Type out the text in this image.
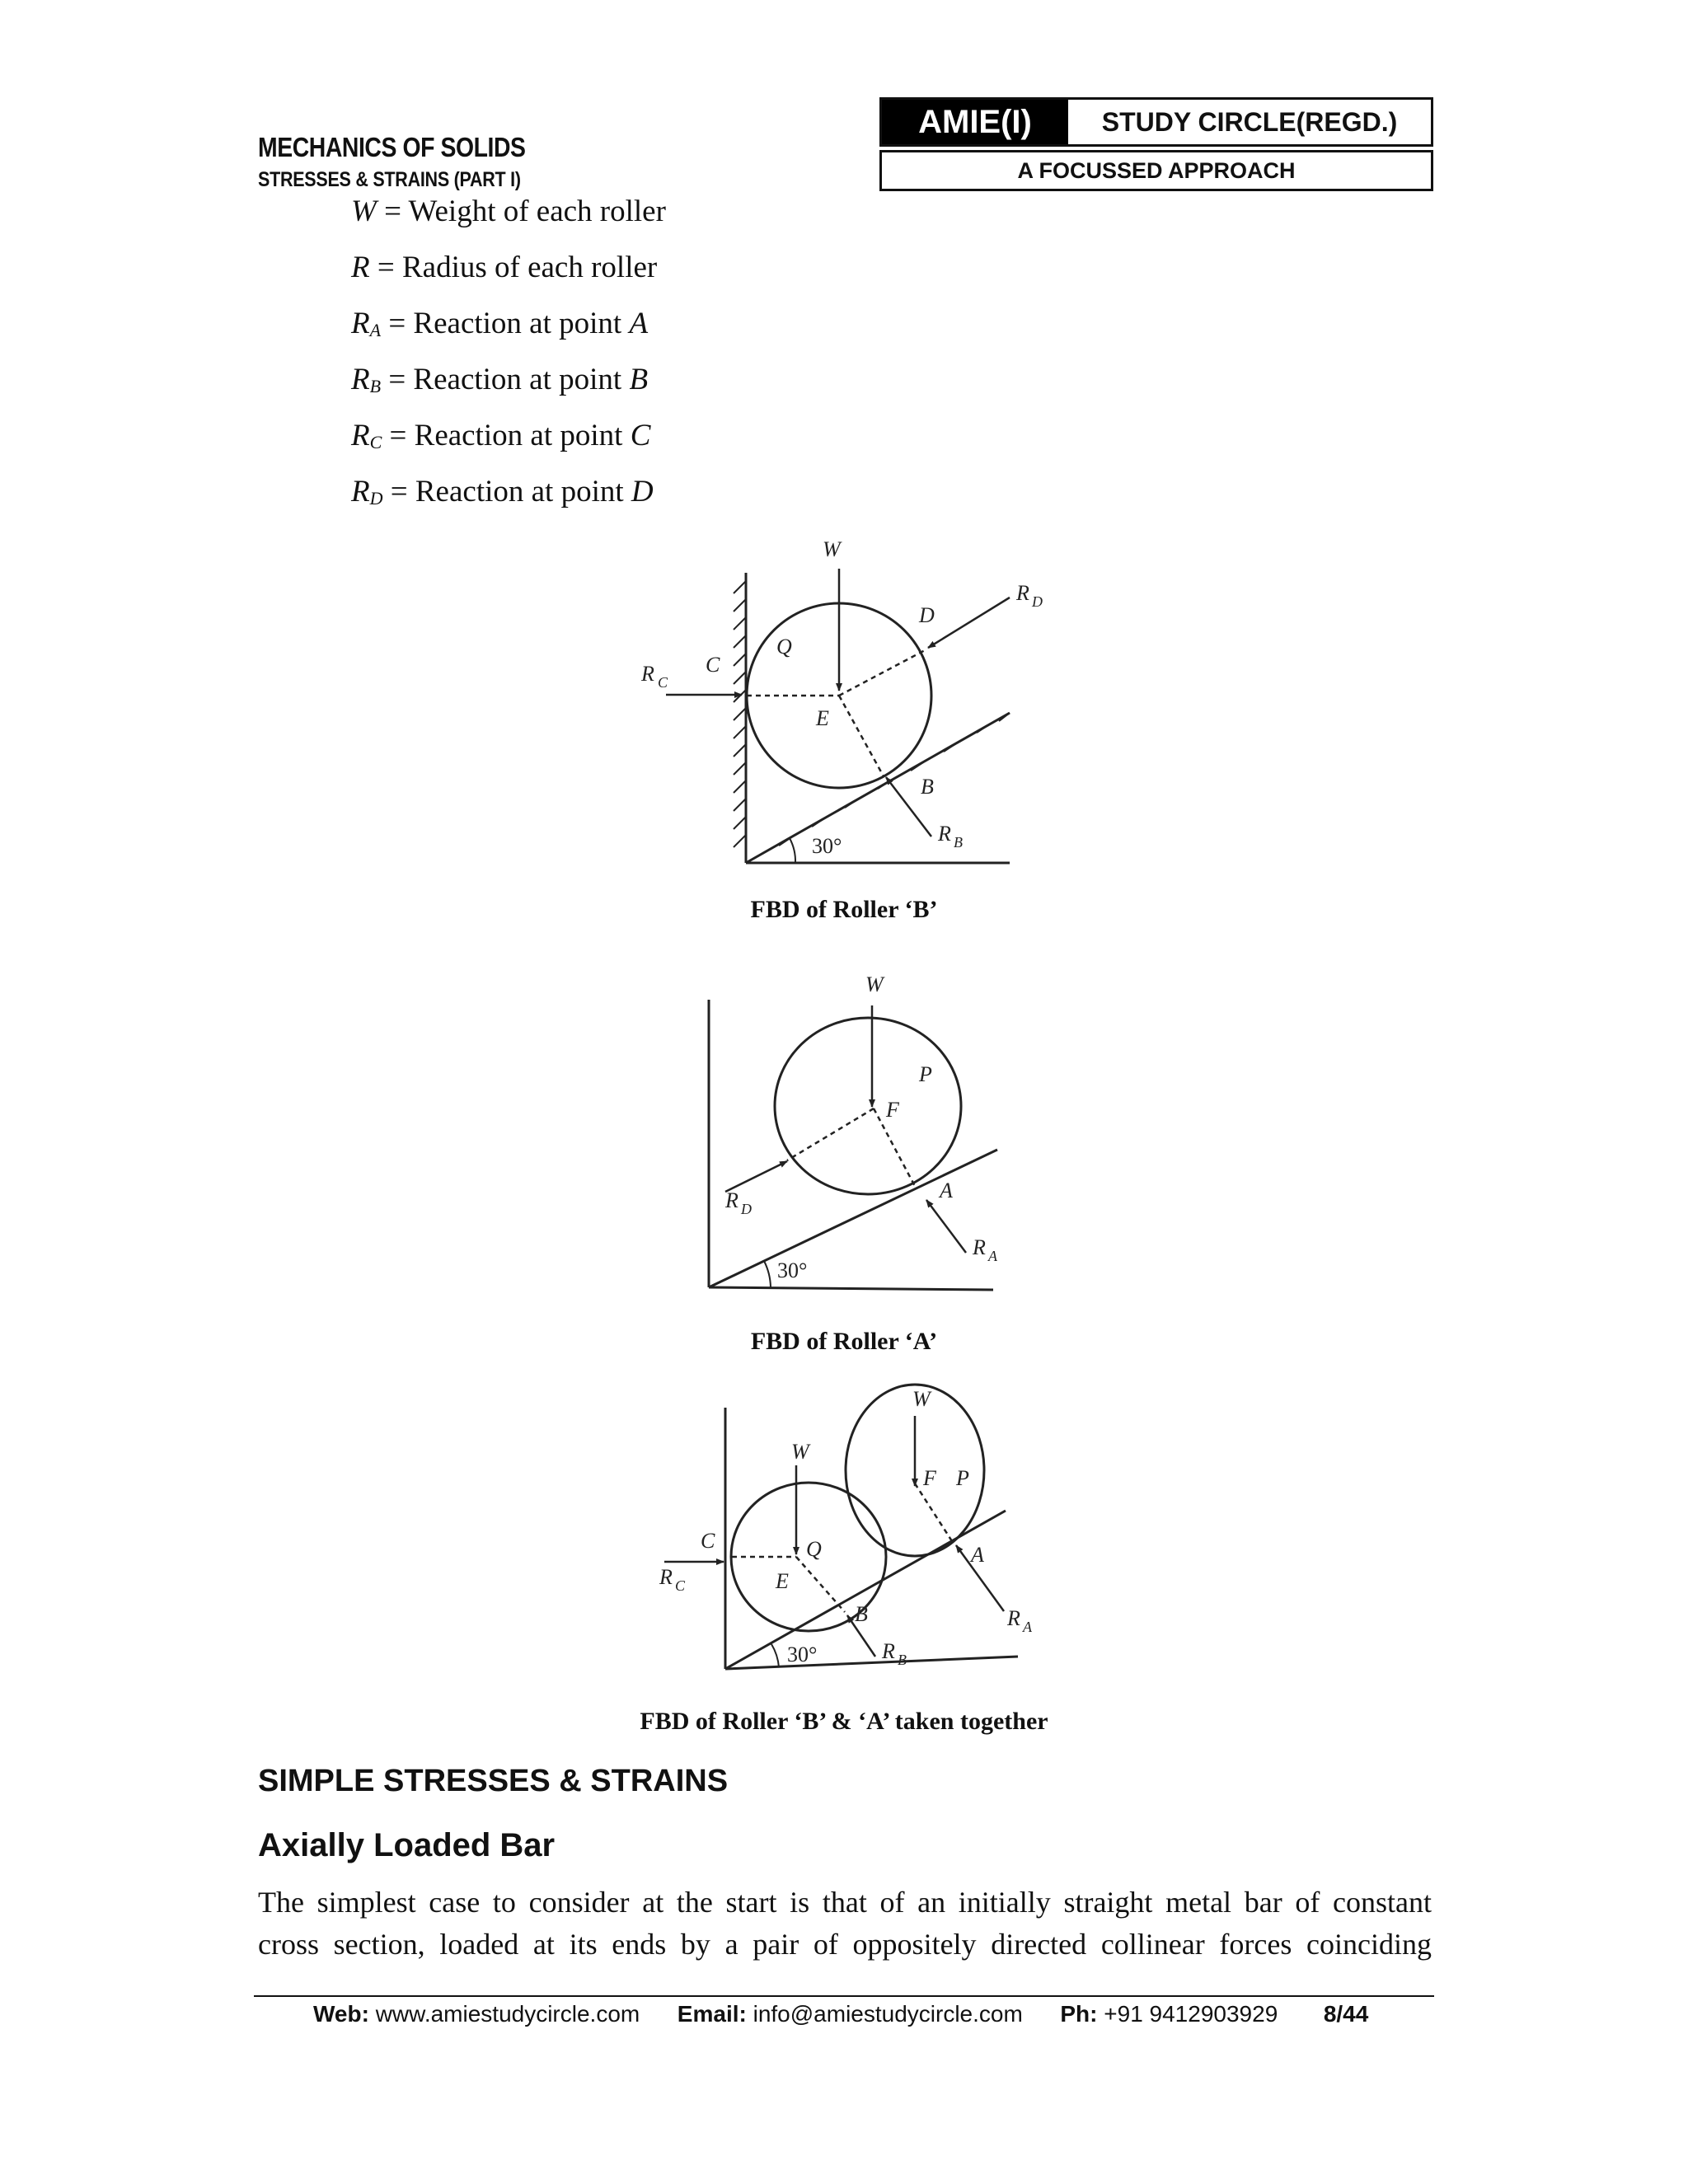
MECHANICS OF SOLIDS
STRESSES & STRAINS (PART I)
AMIE(I)	STUDY CIRCLE(REGD.)
A FOCUSSED APPROACH
W = Weight of each roller
R = Radius of each roller
$R_A$ = Reaction at point A
$R_B$ = Reaction at point B
$R_C$ = Reaction at point C
$R_D$ = Reaction at point D
30°
W
R D
D
Q
C
R C
E
B
R B
FBD of Roller ‘B’
30°
W
P
F
R D
A
R A
FBD of Roller ‘A’
30°
W
W
F P
Q
C
R C	E
A
B	R A
R B
FBD of Roller ‘B’ & ‘A’ taken together
SIMPLE STRESSES & STRAINS
Axially Loaded Bar
The simplest case to consider at the start is that of an initially straight metal bar of constant
cross section, loaded at its ends by a pair of oppositely directed collinear forces coinciding
Web: www.amiestudycircle.com Email: info@amiestudycircle.com Ph: +91 9412903929 8/44
